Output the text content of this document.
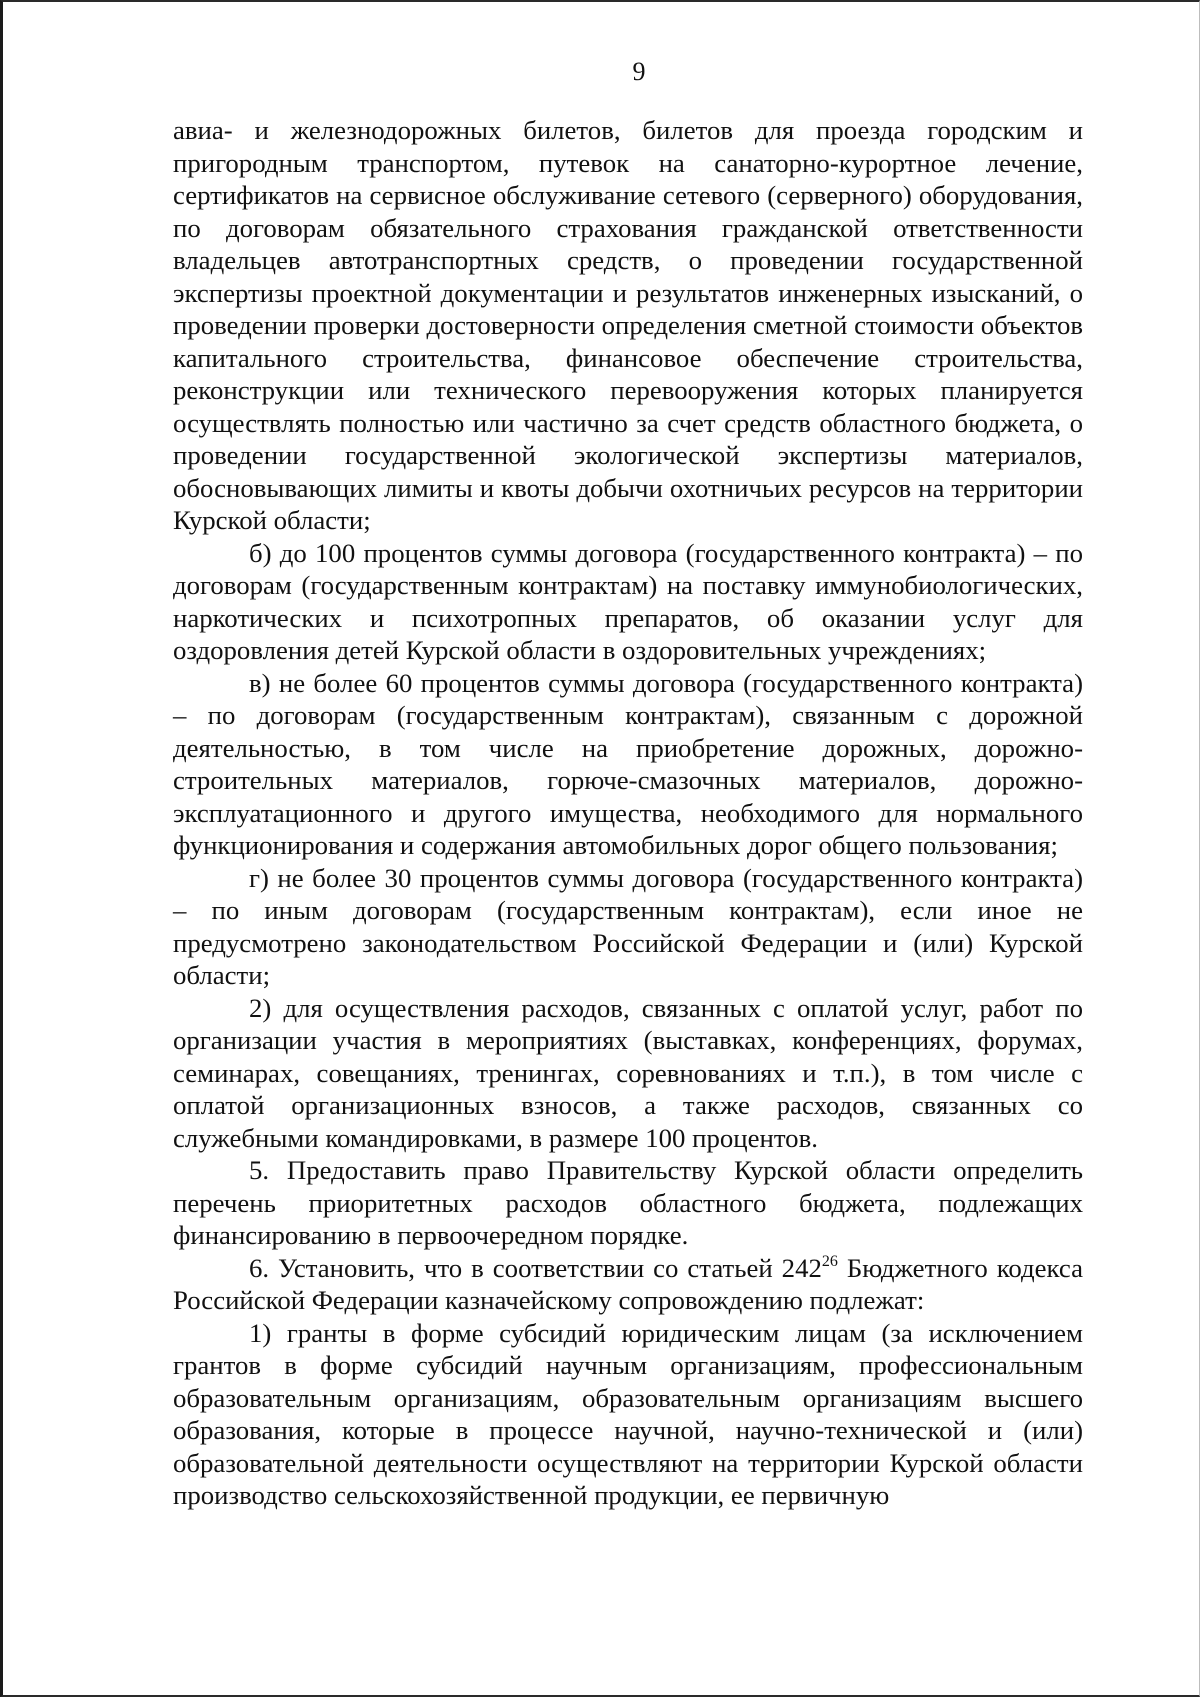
9

авиа- и железнодорожных билетов, билетов для проезда городским и пригородным транспортом, путевок на санаторно-курортное лечение, сертификатов на сервисное обслуживание сетевого (серверного) оборудования, по договорам обязательного страхования гражданской ответственности владельцев автотранспортных средств, о проведении государственной экспертизы проектной документации и результатов инженерных изысканий, о проведении проверки достоверности определения сметной стоимости объектов капитального строительства, финансовое обеспечение строительства, реконструкции или технического перевооружения которых планируется осуществлять полностью или частично за счет средств областного бюджета, о проведении государственной экологической экспертизы материалов, обосновывающих лимиты и квоты добычи охотничьих ресурсов на территории Курской области;

б) до 100 процентов суммы договора (государственного контракта) – по договорам (государственным контрактам) на поставку иммунобиологических, наркотических и психотропных препаратов, об оказании услуг для оздоровления детей Курской области в оздоровительных учреждениях;

в) не более 60 процентов суммы договора (государственного контракта) – по договорам (государственным контрактам), связанным с дорожной деятельностью, в том числе на приобретение дорожных, дорожно-строительных материалов, горюче-смазочных материалов, дорожно-эксплуатационного и другого имущества, необходимого для нормального функционирования и содержания автомобильных дорог общего пользования;

г) не более 30 процентов суммы договора (государственного контракта) – по иным договорам (государственным контрактам), если иное не предусмотрено законодательством Российской Федерации и (или) Курской области;

2) для осуществления расходов, связанных с оплатой услуг, работ по организации участия в мероприятиях (выставках, конференциях, форумах, семинарах, совещаниях, тренингах, соревнованиях и т.п.), в том числе с оплатой организационных взносов, а также расходов, связанных со служебными командировками, в размере 100 процентов.

5. Предоставить право Правительству Курской области определить перечень приоритетных расходов областного бюджета, подлежащих финансированию в первоочередном порядке.

6. Установить, что в соответствии со статьей $242^{26}$ Бюджетного кодекса Российской Федерации казначейскому сопровождению подлежат:

1) гранты в форме субсидий юридическим лицам (за исключением грантов в форме субсидий научным организациям, профессиональным образовательным организациям, образовательным организациям высшего образования, которые в процессе научной, научно-технической и (или) образовательной деятельности осуществляют на территории Курской области производство сельскохозяйственной продукции, ее первичную
